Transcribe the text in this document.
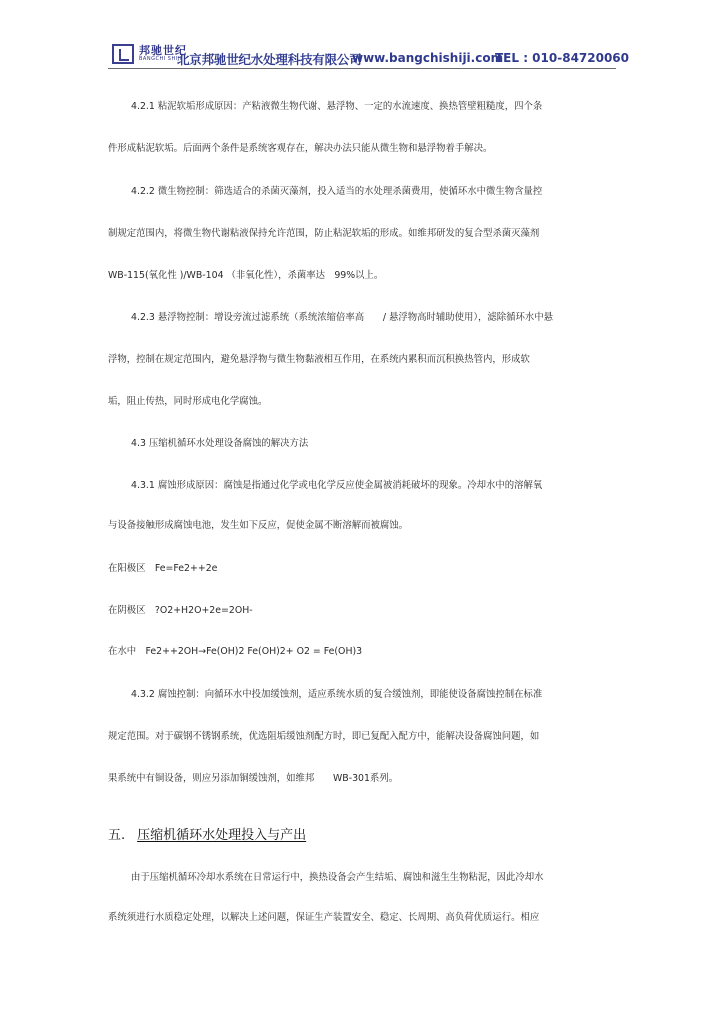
邦驰世纪
BANGCHI SHIJI
北京邦驰世纪水处理科技有限公司
www.bangchishiji.com
TEL : 010-84720060
4.2.1 粘泥软垢形成原因：产粘液微生物代谢、悬浮物、一定的水流速度、换热管壁粗糙度，四个条
件形成粘泥软垢。后面两个条件是系统客观存在，解决办法只能从微生物和悬浮物着手解决。
4.2.2 微生物控制：筛选适合的杀菌灭藻剂，投入适当的水处理杀菌费用，使循环水中微生物含量控
制规定范围内，将微生物代谢粘液保持允许范围，防止粘泥软垢的形成。如维邦研发的复合型杀菌灭藻剂
WB-115(氧化性 )/WB-104 （非氧化性），杀菌率达　99%以上。
4.2.3 悬浮物控制：增设旁流过滤系统（系统浓缩倍率高　　/ 悬浮物高时辅助使用），滤除循环水中悬
浮物，控制在规定范围内，避免悬浮物与微生物黏液相互作用，在系统内累积而沉积换热管内，形成软
垢，阻止传热，同时形成电化学腐蚀。
4.3 压缩机循环水处理设备腐蚀的解决方法
4.3.1 腐蚀形成原因：腐蚀是指通过化学或电化学反应使金属被消耗破坏的现象。冷却水中的溶解氧
与设备接触形成腐蚀电池，发生如下反应，促使金属不断溶解而被腐蚀。
在阳极区　Fe=Fe2++2e
在阴极区　?O2+H2O+2e=2OH-
在水中　Fe2++2OH→Fe(OH)2 Fe(OH)2+ O2 = Fe(OH)3
4.3.2 腐蚀控制：向循环水中投加缓蚀剂，适应系统水质的复合缓蚀剂，即能使设备腐蚀控制在标准
规定范围。对于碳钢不锈钢系统，优选阻垢缓蚀剂配方时，即已复配入配方中，能解决设备腐蚀问题，如
果系统中有铜设备，则应另添加铜缓蚀剂，如维邦　　WB-301系列。
五. 压缩机循环水处理投入与产出
由于压缩机循环冷却水系统在日常运行中，换热设备会产生结垢、腐蚀和滋生生物粘泥，因此冷却水
系统须进行水质稳定处理，以解决上述问题，保证生产装置安全、稳定、长周期、高负荷优质运行。相应
